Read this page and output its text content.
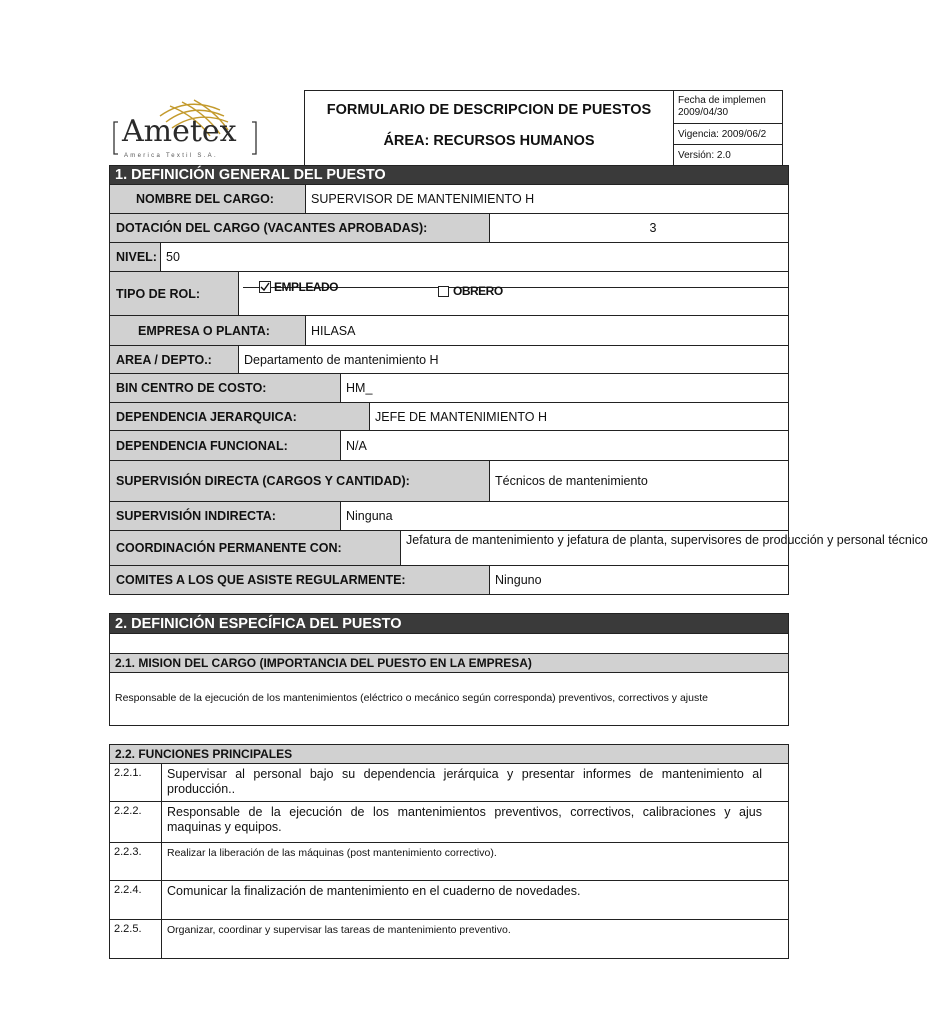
Ametex
America Textil S.A.
FORMULARIO DE DESCRIPCION DE PUESTOS
ÁREA: RECURSOS HUMANOS
Fecha de implemen
2009/04/30
Vigencia: 2009/06/2
Versión: 2.0
1. DEFINICIÓN GENERAL DEL PUESTO
NOMBRE DEL CARGO:	SUPERVISOR DE MANTENIMIENTO H
DOTACIÓN DEL CARGO (VACANTES APROBADAS):	3
NIVEL: 50
TIPO DE ROL:	EMPLEADO	OBRERO
EMPRESA O PLANTA:	HILASA
AREA / DEPTO.:	Departamento de mantenimiento H
BIN CENTRO DE COSTO:	HM_
DEPENDENCIA JERARQUICA:	JEFE DE MANTENIMIENTO H
DEPENDENCIA FUNCIONAL:	N/A
SUPERVISIÓN DIRECTA (CARGOS Y CANTIDAD):	Técnicos de mantenimiento
SUPERVISIÓN INDIRECTA:	Ninguna
COORDINACIÓN PERMANENTE CON:
Jefatura de mantenimiento y jefatura de planta, supervisores de producción y personal técnico
COMITES A LOS QUE ASISTE REGULARMENTE:	Ninguno
2. DEFINICIÓN ESPECÍFICA DEL PUESTO
2.1. MISION DEL CARGO (IMPORTANCIA DEL PUESTO EN LA EMPRESA)
Responsable de la ejecución de los mantenimientos (eléctrico o mecánico según corresponda) preventivos, correctivos y ajuste
2.2. FUNCIONES PRINCIPALES
2.2.1.	Supervisar al personal bajo su dependencia jerárquica y presentar informes de mantenimiento al producción..
2.2.2.	Responsable de la ejecución de los mantenimientos preventivos, correctivos, calibraciones y ajus maquinas y equipos.
2.2.3.	Realizar la liberación de las máquinas (post mantenimiento correctivo).
2.2.4.	Comunicar la finalización de mantenimiento en el cuaderno de novedades.
2.2.5.	Organizar, coordinar y supervisar las tareas de mantenimiento preventivo.
